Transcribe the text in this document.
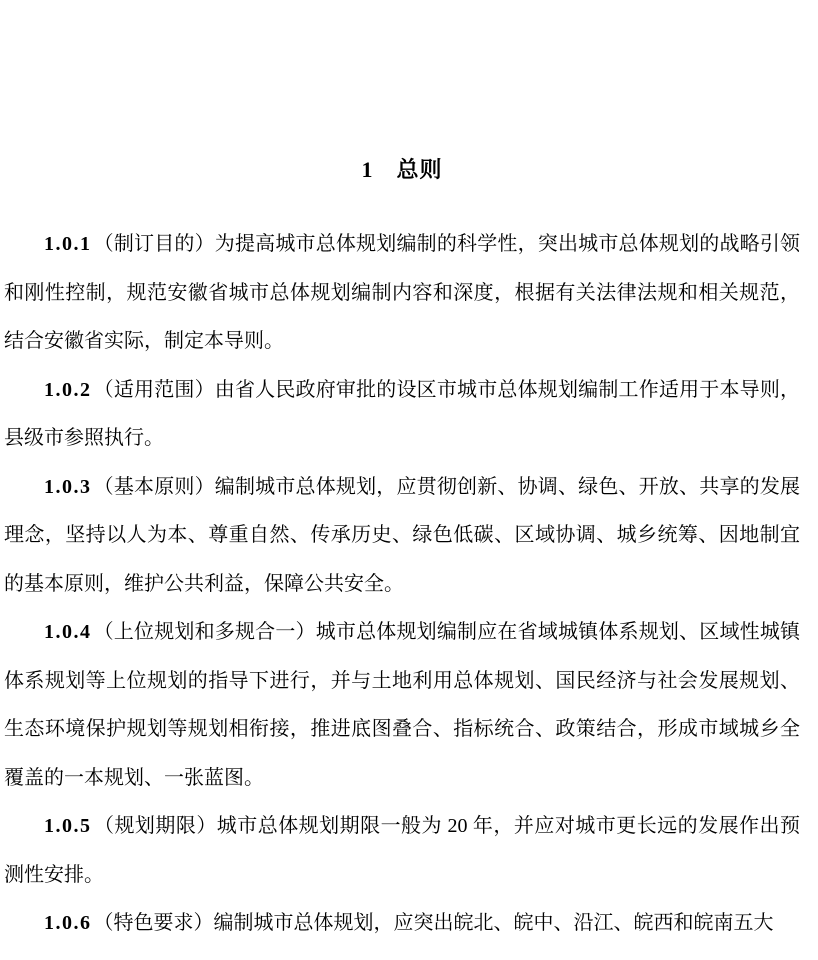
1　总则

1.0.1 （制订目的）为提高城市总体规划编制的科学性，突出城市总体规划的战略引领和刚性控制，规范安徽省城市总体规划编制内容和深度，根据有关法律法规和相关规范，结合安徽省实际，制定本导则。

1.0.2 （适用范围）由省人民政府审批的设区市城市总体规划编制工作适用于本导则，县级市参照执行。

1.0.3 （基本原则）编制城市总体规划，应贯彻创新、协调、绿色、开放、共享的发展理念，坚持以人为本、尊重自然、传承历史、绿色低碳、区域协调、城乡统筹、因地制宜的基本原则，维护公共利益，保障公共安全。

1.0.4 （上位规划和多规合一）城市总体规划编制应在省域城镇体系规划、区域性城镇体系规划等上位规划的指导下进行，并与土地利用总体规划、国民经济与社会发展规划、生态环境保护规划等规划相衔接，推进底图叠合、指标统合、政策结合，形成市域城乡全覆盖的一本规划、一张蓝图。

1.0.5 （规划期限）城市总体规划期限一般为 20 年，并应对城市更长远的发展作出预测性安排。

1.0.6 （特色要求）编制城市总体规划，应突出皖北、皖中、沿江、皖西和皖南五大
